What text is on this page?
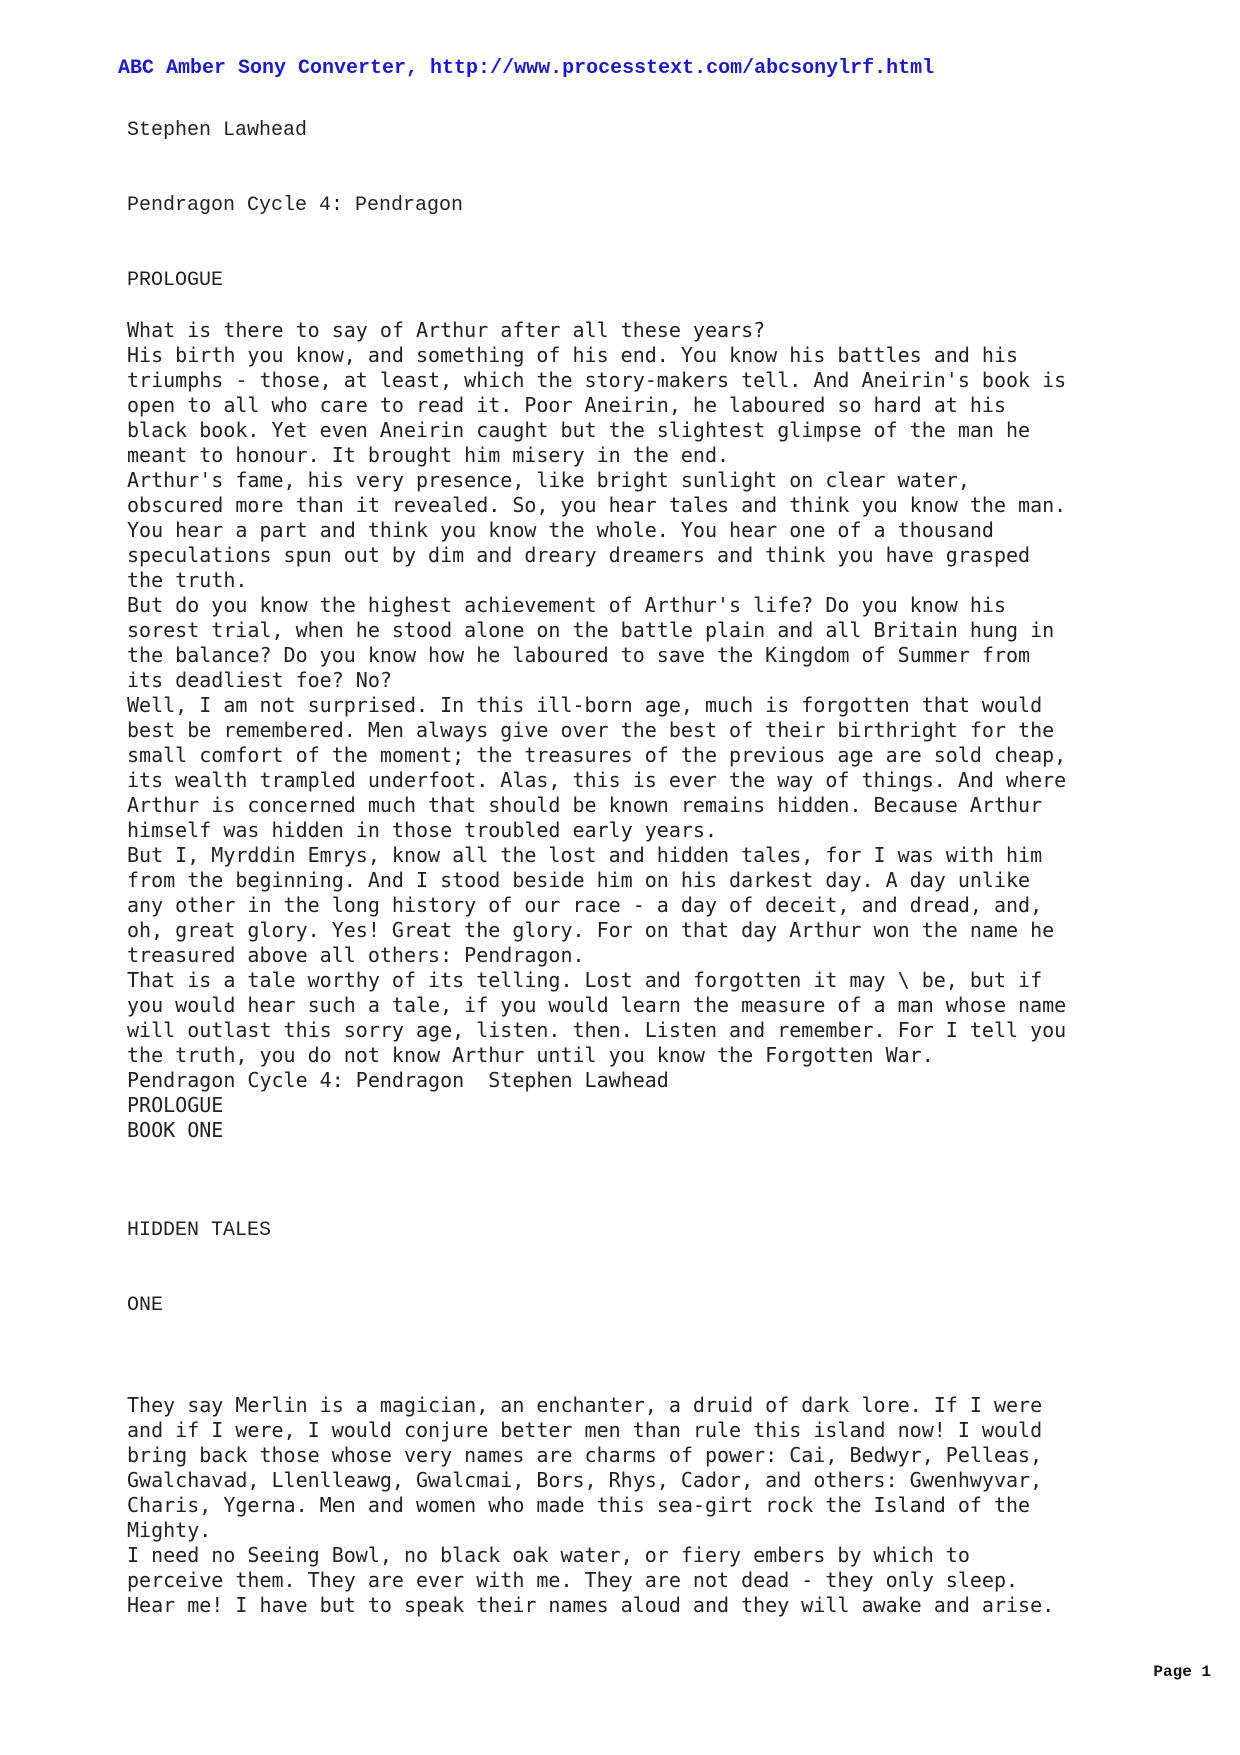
ABC Amber Sony Converter, http://www.processtext.com/abcsonylrf.html
Stephen Lawhead
Pendragon Cycle 4: Pendragon
PROLOGUE
What is there to say of Arthur after all these years?
His birth you know, and something of his end. You know his battles and his
triumphs - those, at least, which the story-makers tell. And Aneirin's book is
open to all who care to read it. Poor Aneirin, he laboured so hard at his
black book. Yet even Aneirin caught but the slightest glimpse of the man he
meant to honour. It brought him misery in the end.
Arthur's fame, his very presence, like bright sunlight on clear water,
obscured more than it revealed. So, you hear tales and think you know the man.
You hear a part and think you know the whole. You hear one of a thousand
speculations spun out by dim and dreary dreamers and think you have grasped
the truth.
But do you know the highest achievement of Arthur's life? Do you know his
sorest trial, when he stood alone on the battle plain and all Britain hung in
the balance? Do you know how he laboured to save the Kingdom of Summer from
its deadliest foe? No?
Well, I am not surprised. In this ill-born age, much is forgotten that would
best be remembered. Men always give over the best of their birthright for the
small comfort of the moment; the treasures of the previous age are sold cheap,
its wealth trampled underfoot. Alas, this is ever the way of things. And where
Arthur is concerned much that should be known remains hidden. Because Arthur
himself was hidden in those troubled early years.
But I, Myrddin Emrys, know all the lost and hidden tales, for I was with him
from the beginning. And I stood beside him on his darkest day. A day unlike
any other in the long history of our race - a day of deceit, and dread, and,
oh, great glory. Yes! Great the glory. For on that day Arthur won the name he
treasured above all others: Pendragon.
That is a tale worthy of its telling. Lost and forgotten it may \ be, but if
you would hear such a tale, if you would learn the measure of a man whose name
will outlast this sorry age, listen. then. Listen and remember. For I tell you
the truth, you do not know Arthur until you know the Forgotten War.
Pendragon Cycle 4: Pendragon  Stephen Lawhead
PROLOGUE
BOOK ONE
HIDDEN TALES
ONE
They say Merlin is a magician, an enchanter, a druid of dark lore. If I were
and if I were, I would conjure better men than rule this island now! I would
bring back those whose very names are charms of power: Cai, Bedwyr, Pelleas,
Gwalchavad, Llenlleawg, Gwalcmai, Bors, Rhys, Cador, and others: Gwenhwyvar,
Charis, Ygerna. Men and women who made this sea-girt rock the Island of the
Mighty.
I need no Seeing Bowl, no black oak water, or fiery embers by which to
perceive them. They are ever with me. They are not dead - they only sleep.
Hear me! I have but to speak their names aloud and they will awake and arise.
Page 1
